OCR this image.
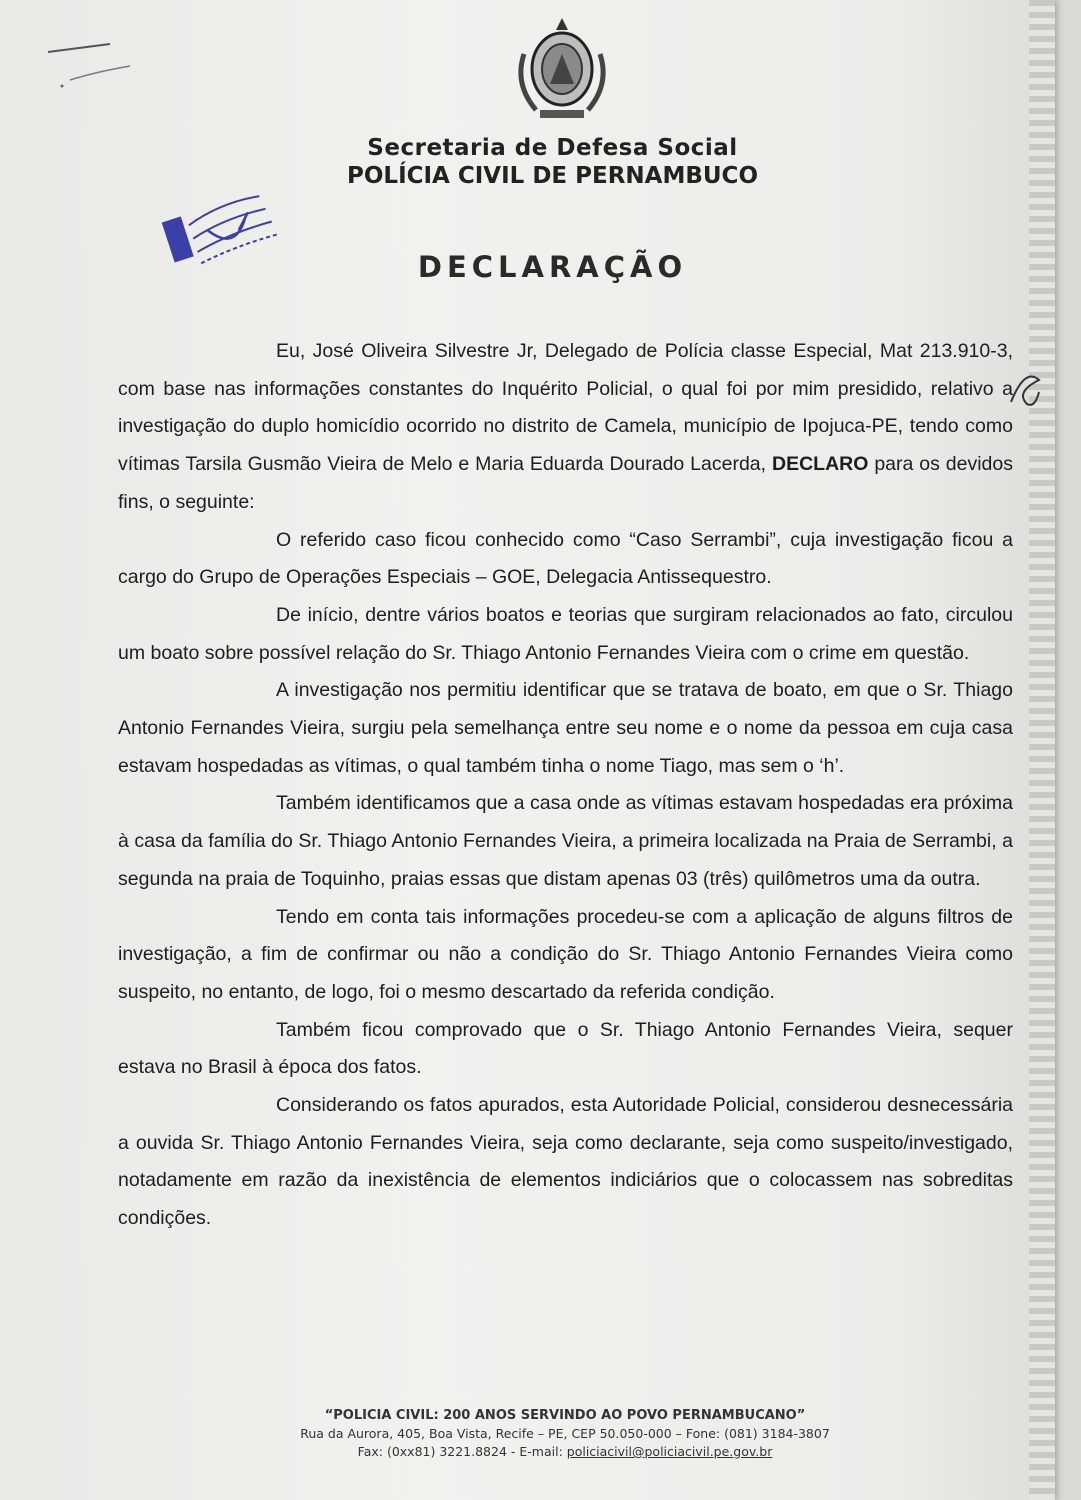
Secretaria de Defesa Social
POLÍCIA CIVIL DE PERNAMBUCO
DECLARAÇÃO

Eu, José Oliveira Silvestre Jr, Delegado de Polícia classe Especial, Mat 213.910-3, com base nas informações constantes do Inquérito Policial, o qual foi por mim presidido, relativo a investigação do duplo homicídio ocorrido no distrito de Camela, município de Ipojuca-PE, tendo como vítimas Tarsila Gusmão Vieira de Melo e Maria Eduarda Dourado Lacerda, DECLARO para os devidos fins, o seguinte:

O referido caso ficou conhecido como “Caso Serrambi”, cuja investigação ficou a cargo do Grupo de Operações Especiais – GOE, Delegacia Antissequestro.

De início, dentre vários boatos e teorias que surgiram relacionados ao fato, circulou um boato sobre possível relação do Sr. Thiago Antonio Fernandes Vieira com o crime em questão.

A investigação nos permitiu identificar que se tratava de boato, em que o Sr. Thiago Antonio Fernandes Vieira, surgiu pela semelhança entre seu nome e o nome da pessoa em cuja casa estavam hospedadas as vítimas, o qual também tinha o nome Tiago, mas sem o ‘h’.

Também identificamos que a casa onde as vítimas estavam hospedadas era próxima à casa da família do Sr. Thiago Antonio Fernandes Vieira, a primeira localizada na Praia de Serrambi, a segunda na praia de Toquinho, praias essas que distam apenas 03 (três) quilômetros uma da outra.

Tendo em conta tais informações procedeu-se com a aplicação de alguns filtros de investigação, a fim de confirmar ou não a condição do Sr. Thiago Antonio Fernandes Vieira como suspeito, no entanto, de logo, foi o mesmo descartado da referida condição.

Também ficou comprovado que o Sr. Thiago Antonio Fernandes Vieira, sequer estava no Brasil à época dos fatos.

Considerando os fatos apurados, esta Autoridade Policial, considerou desnecessária a ouvida Sr. Thiago Antonio Fernandes Vieira, seja como declarante, seja como suspeito/investigado, notadamente em razão da inexistência de elementos indiciários que o colocassem nas sobreditas condições.

“POLICIA CIVIL: 200 ANOS SERVINDO AO POVO PERNAMBUCANO”
Rua da Aurora, 405, Boa Vista, Recife – PE, CEP 50.050-000 – Fone: (081) 3184-3807
Fax: (0xx81) 3221.8824 - E-mail: policiacivil@policiacivil.pe.gov.br
